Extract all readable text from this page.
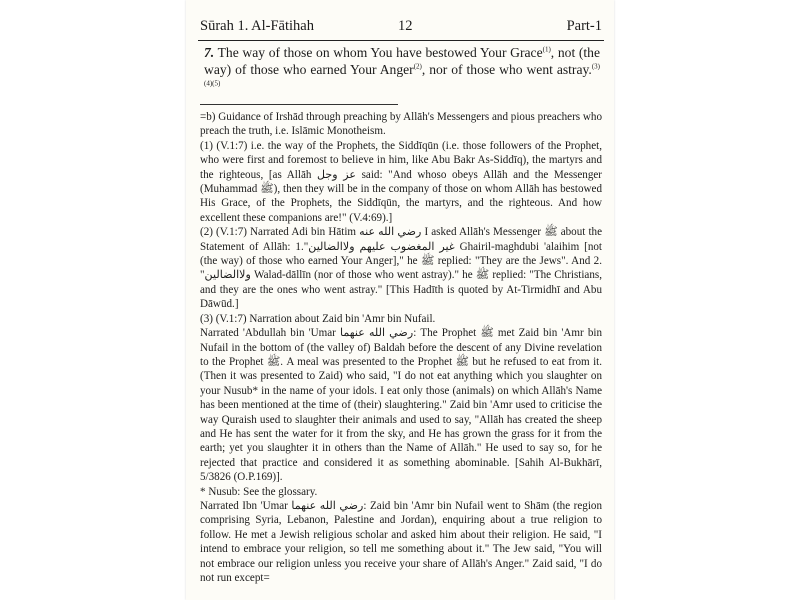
Sūrah 1. Al-Fātihah	12	Part-1
7. The way of those on whom You have bestowed Your Grace$^{(1)}$, not (the way) of those who earned Your Anger$^{(2)}$, nor of those who went astray.$^{(3)(4)(5)}$

=b) Guidance of Irshād through preaching by Allāh's Messengers and pious preachers who preach the truth, i.e. Islāmic Monotheism.

(1) (V.1:7) i.e. the way of the Prophets, the Siddīqūn (i.e. those followers of the Prophet, who were first and foremost to believe in him, like Abu Bakr As-Siddīq), the martyrs and the righteous, [as Allāh عز وجل said: "And whoso obeys Allāh and the Messenger (Muhammad ﷺ), then they will be in the company of those on whom Allāh has bestowed His Grace, of the Prophets, the Siddīqūn, the martyrs, and the righteous. And how excellent these companions are!" (V.4:69).]

(2) (V.1:7) Narrated Adi bin Hātim رضي الله عنه I asked Allāh's Messenger ﷺ about the Statement of Allāh: 1."غير المغضوب عليهم ولاالضالين Ghairil-maghdubi 'alaihim [not (the way) of those who earned Your Anger]," he ﷺ replied: "They are the Jews". And 2. "ولاالضالين Walad-dāllīn (nor of those who went astray)." he ﷺ replied: "The Christians, and they are the ones who went astray." [This Hadīth is quoted by At-Tirmidhī and Abu Dāwūd.]

(3) (V.1:7) Narration about Zaid bin 'Amr bin Nufail.

Narrated 'Abdullah bin 'Umar رضي الله عنهما: The Prophet ﷺ met Zaid bin 'Amr bin Nufail in the bottom of (the valley of) Baldah before the descent of any Divine revelation to the Prophet ﷺ. A meal was presented to the Prophet ﷺ but he refused to eat from it. (Then it was presented to Zaid) who said, "I do not eat anything which you slaughter on your Nusub* in the name of your idols. I eat only those (animals) on which Allāh's Name has been mentioned at the time of (their) slaughtering." Zaid bin 'Amr used to criticise the way Quraish used to slaughter their animals and used to say, "Allāh has created the sheep and He has sent the water for it from the sky, and He has grown the grass for it from the earth; yet you slaughter it in others than the Name of Allāh." He used to say so, for he rejected that practice and considered it as something abominable. [Sahih Al-Bukhārī, 5/3826 (O.P.169)].

* Nusub: See the glossary.

Narrated Ibn 'Umar رضي الله عنهما: Zaid bin 'Amr bin Nufail went to Shām (the region comprising Syria, Lebanon, Palestine and Jordan), enquiring about a true religion to follow. He met a Jewish religious scholar and asked him about their religion. He said, "I intend to embrace your religion, so tell me something about it." The Jew said, "You will not embrace our religion unless you receive your share of Allāh's Anger." Zaid said, "I do not run except=
